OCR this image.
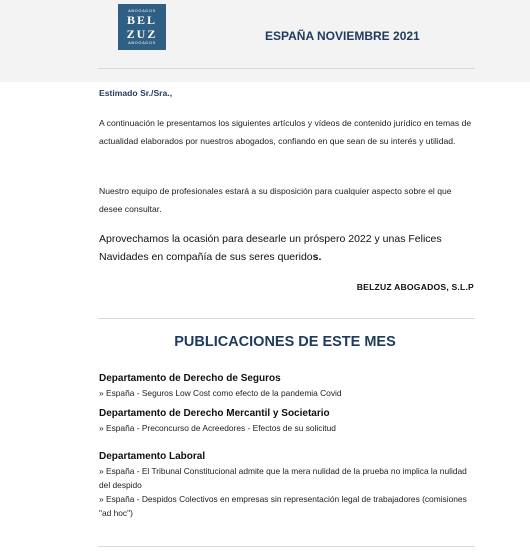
ABOGADOS
BEL
ZUZ
ABOGADOS	ESPAÑA NOVIEMBRE 2021
Estimado Sr./Sra.,
A continuación le presentamos los siguientes artículos y vídeos de contenido jurídico en temas de actualidad elaborados por nuestros abogados, confiando en que sean de su interés y utilidad.
Nuestro equipo de profesionales estará a su disposición para cualquier aspecto sobre el que desee consultar.
Aprovechamos la ocasión para desearle un próspero 2022 y unas Felices Navidades en compañía de sus seres queridos.
BELZUZ ABOGADOS, S.L.P
PUBLICACIONES DE ESTE MES
Departamento de Derecho de Seguros
» España - Seguros Low Cost como efecto de la pandemia Covid
Departamento de Derecho Mercantil y Societario
» España - Preconcurso de Acreedores - Efectos de su solicitud
Departamento Laboral
» España - El Tribunal Constitucional admite que la mera nulidad de la prueba no implica la nulidad del despido
» España - Despidos Colectivos en empresas sin representación legal de trabajadores (comisiones "ad hoc")
